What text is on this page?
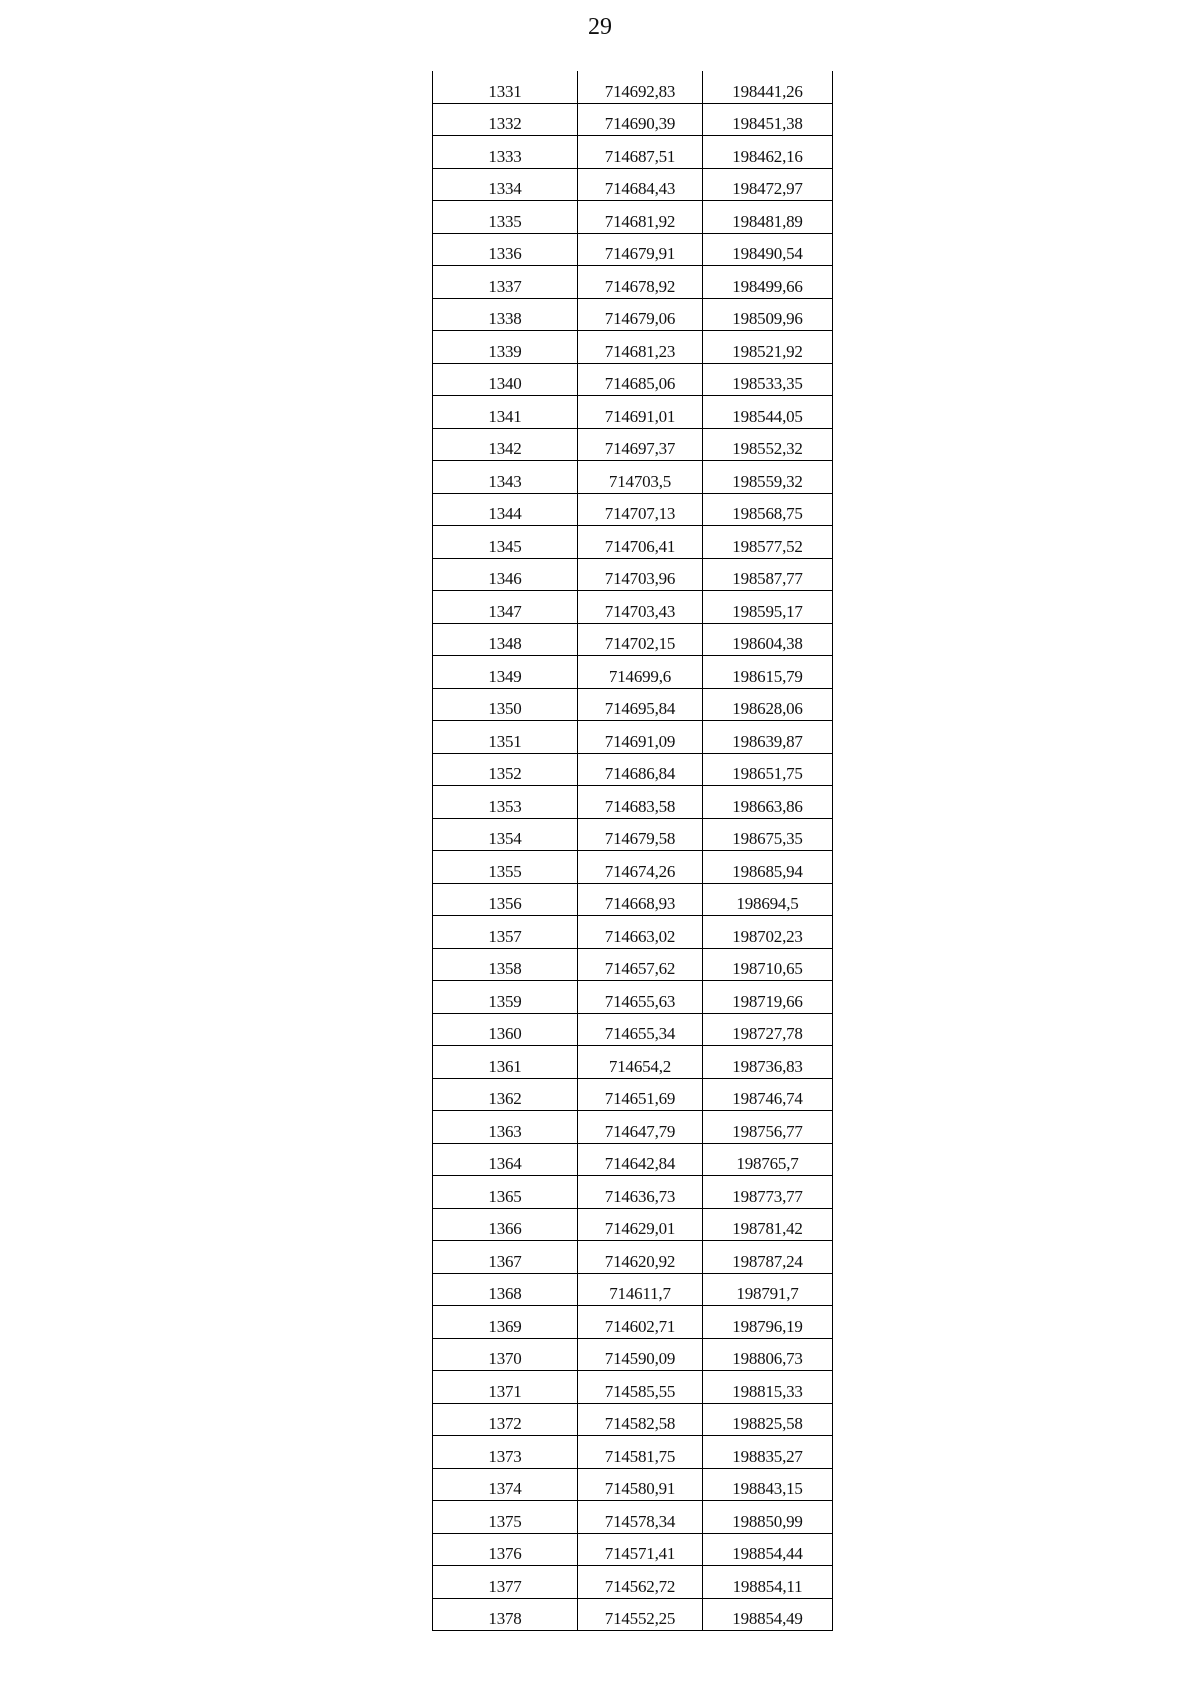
29
1331	714692,83	198441,26
1332	714690,39	198451,38
1333	714687,51	198462,16
1334	714684,43	198472,97
1335	714681,92	198481,89
1336	714679,91	198490,54
1337	714678,92	198499,66
1338	714679,06	198509,96
1339	714681,23	198521,92
1340	714685,06	198533,35
1341	714691,01	198544,05
1342	714697,37	198552,32
1343	714703,5	198559,32
1344	714707,13	198568,75
1345	714706,41	198577,52
1346	714703,96	198587,77
1347	714703,43	198595,17
1348	714702,15	198604,38
1349	714699,6	198615,79
1350	714695,84	198628,06
1351	714691,09	198639,87
1352	714686,84	198651,75
1353	714683,58	198663,86
1354	714679,58	198675,35
1355	714674,26	198685,94
1356	714668,93	198694,5
1357	714663,02	198702,23
1358	714657,62	198710,65
1359	714655,63	198719,66
1360	714655,34	198727,78
1361	714654,2	198736,83
1362	714651,69	198746,74
1363	714647,79	198756,77
1364	714642,84	198765,7
1365	714636,73	198773,77
1366	714629,01	198781,42
1367	714620,92	198787,24
1368	714611,7	198791,7
1369	714602,71	198796,19
1370	714590,09	198806,73
1371	714585,55	198815,33
1372	714582,58	198825,58
1373	714581,75	198835,27
1374	714580,91	198843,15
1375	714578,34	198850,99
1376	714571,41	198854,44
1377	714562,72	198854,11
1378	714552,25	198854,49
